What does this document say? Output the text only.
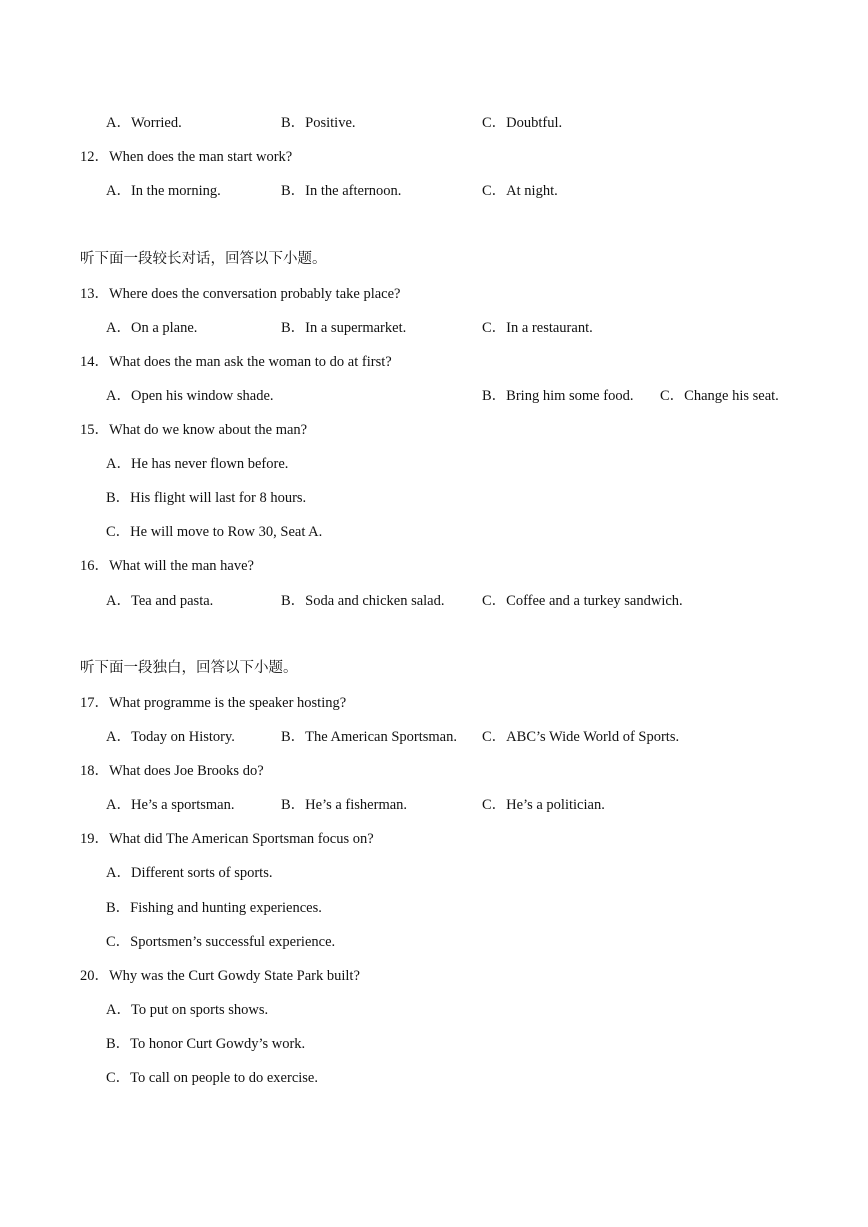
A．Worried.	B．Positive.	C．Doubtful.
12．When does the man start work?
A．In the morning.	B．In the afternoon.	C．At night.
听下面一段较长对话，回答以下小题。
13．Where does the conversation probably take place?
A．On a plane.	B．In a supermarket.	C．In a restaurant.
14．What does the man ask the woman to do at first?
A．Open his window shade.	B．Bring him some food. C．Change his seat.
15．What do we know about the man?
A．He has never flown before.
B．His flight will last for 8 hours.
C．He will move to Row 30, Seat A.
16．What will the man have?
A．Tea and pasta.	B．Soda and chicken salad.	C．Coffee and a turkey sandwich.
听下面一段独白，回答以下小题。
17．What programme is the speaker hosting?
A．Today on History.	B．The American Sportsman. C．ABC’s Wide World of Sports.
18．What does Joe Brooks do?
A．He’s a sportsman.	B．He’s a fisherman.	C．He’s a politician.
19．What did The American Sportsman focus on?
A．Different sorts of sports.
B．Fishing and hunting experiences.
C．Sportsmen’s successful experience.
20．Why was the Curt Gowdy State Park built?
A．To put on sports shows.
B．To honor Curt Gowdy’s work.
C．To call on people to do exercise.
